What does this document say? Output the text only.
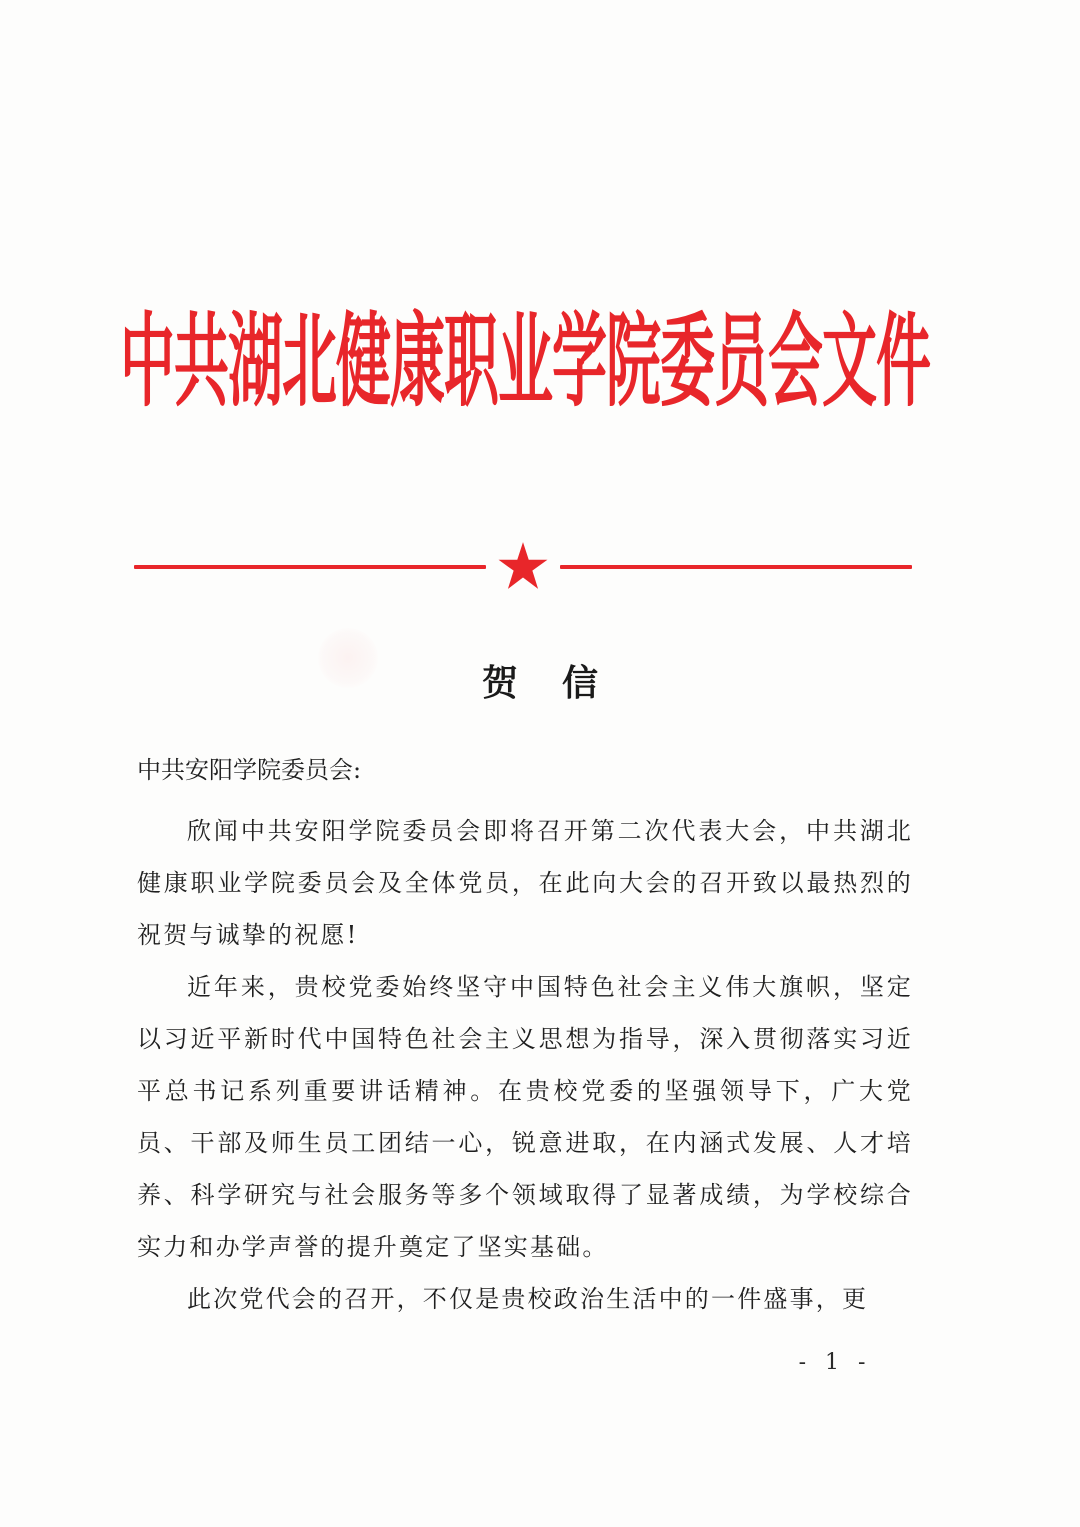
中共湖北健康职业学院委员会文件
贺信

中共安阳学院委员会:

欣闻中共安阳学院委员会即将召开第二次代表大会，中共湖北健康职业学院委员会及全体党员，在此向大会的召开致以最热烈的祝贺与诚挚的祝愿!

近年来，贵校党委始终坚守中国特色社会主义伟大旗帜，坚定以习近平新时代中国特色社会主义思想为指导，深入贯彻落实习近平总书记系列重要讲话精神。在贵校党委的坚强领导下，广大党员、干部及师生员工团结一心，锐意进取，在内涵式发展、人才培养、科学研究与社会服务等多个领域取得了显著成绩，为学校综合实力和办学声誉的提升奠定了坚实基础。

此次党代会的召开，不仅是贵校政治生活中的一件盛事，更

- 1 -
